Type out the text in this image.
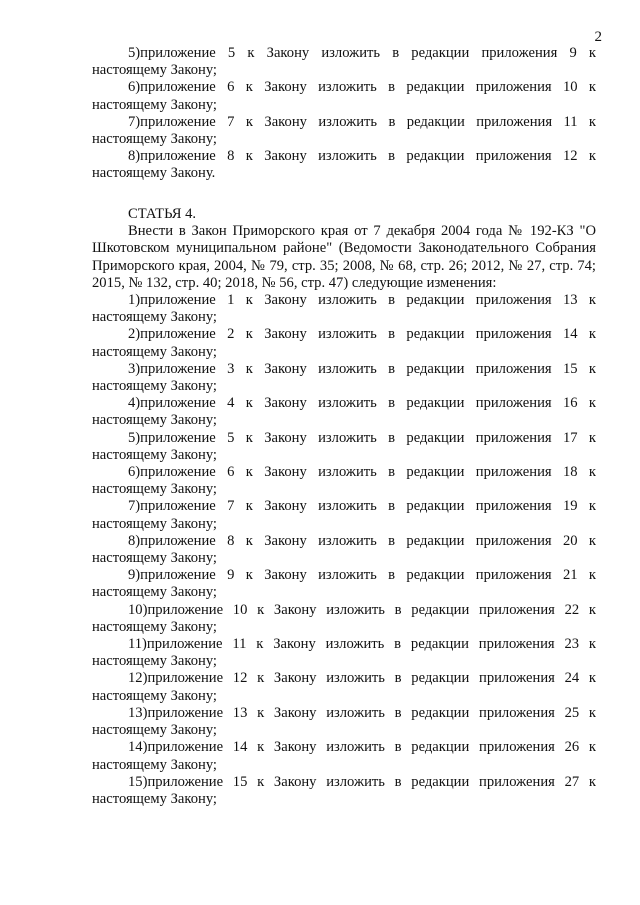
2

5)приложение 5 к Закону изложить в редакции приложения 9 к
настоящему Закону;

6)приложение 6 к Закону изложить в редакции приложения 10 к
настоящему Закону;

7)приложение 7 к Закону изложить в редакции приложения 11 к
настоящему Закону;

8)приложение 8 к Закону изложить в редакции приложения 12 к
настоящему Закону.

СТАТЬЯ 4.

Внести в Закон Приморского края от 7 декабря 2004 года № 192-КЗ "О Шкотовском муниципальном районе" (Ведомости Законодательного Собрания Приморского края, 2004, № 79, стр. 35; 2008, № 68, стр. 26; 2012, № 27, стр. 74; 2015, № 132, стр. 40; 2018, № 56, стр. 47) следующие изменения:

1)приложение 1 к Закону изложить в редакции приложения 13 к
настоящему Закону;

2)приложение 2 к Закону изложить в редакции приложения 14 к
настоящему Закону;

3)приложение 3 к Закону изложить в редакции приложения 15 к
настоящему Закону;

4)приложение 4 к Закону изложить в редакции приложения 16 к
настоящему Закону;

5)приложение 5 к Закону изложить в редакции приложения 17 к
настоящему Закону;

6)приложение 6 к Закону изложить в редакции приложения 18 к
настоящему Закону;

7)приложение 7 к Закону изложить в редакции приложения 19 к
настоящему Закону;

8)приложение 8 к Закону изложить в редакции приложения 20 к
настоящему Закону;

9)приложение 9 к Закону изложить в редакции приложения 21 к
настоящему Закону;

10)приложение 10 к Закону изложить в редакции приложения 22 к
настоящему Закону;

11)приложение 11 к Закону изложить в редакции приложения 23 к
настоящему Закону;

12)приложение 12 к Закону изложить в редакции приложения 24 к
настоящему Закону;

13)приложение 13 к Закону изложить в редакции приложения 25 к
настоящему Закону;

14)приложение 14 к Закону изложить в редакции приложения 26 к
настоящему Закону;

15)приложение 15 к Закону изложить в редакции приложения 27 к
настоящему Закону;
